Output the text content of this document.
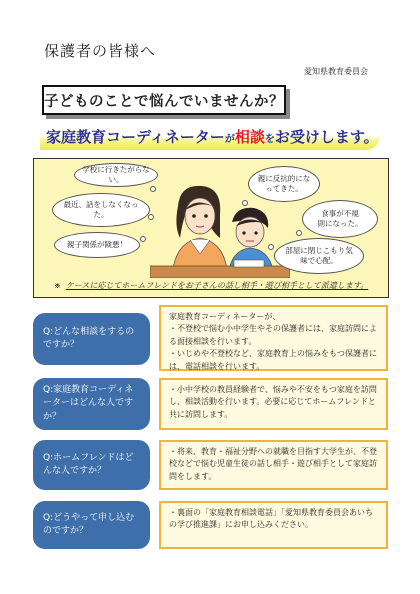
保護者の皆様へ
愛知県教育委員会
子どものことで悩んでいませんか？
家庭教育コーディネーターが相談をお受けします。
学校に行きたがらない。	親に反抗的にな
ってきた。
最近、話をしなくなっ
た。	食事が不規
則になった。
親子関係が険悪！
部屋に閉じこもり気
味で心配。
※ ケースに応じてホームフレンドをお子さんの話し相手・遊び相手として派遣します。
Q:どんな相談をするのですか？

家庭教育コーディネーターが、

・不登校で悩む小中学生やその保護者には、家庭訪問による面接相談を行います。

・いじめや不登校など、家庭教育上の悩みをもつ保護者には、電話相談を行います。

Q:家庭教育コーディネーターはどんな人ですか？

・小中学校の教員経験者で、悩みや不安をもつ家庭を訪問し、相談活動を行います。必要に応じてホームフレンドと共に訪問します。

Q:ホームフレンドはどんな人ですか？

・将来、教育・福祉分野への就職を目指す大学生が、不登校などで悩む児童生徒の話し相手・遊び相手として家庭訪問をします。

Q:どうやって申し込むのですか？

・裏面の「家庭教育相談電話」「愛知県教育委員会あいちの学び推進課」にお申し込みください。
